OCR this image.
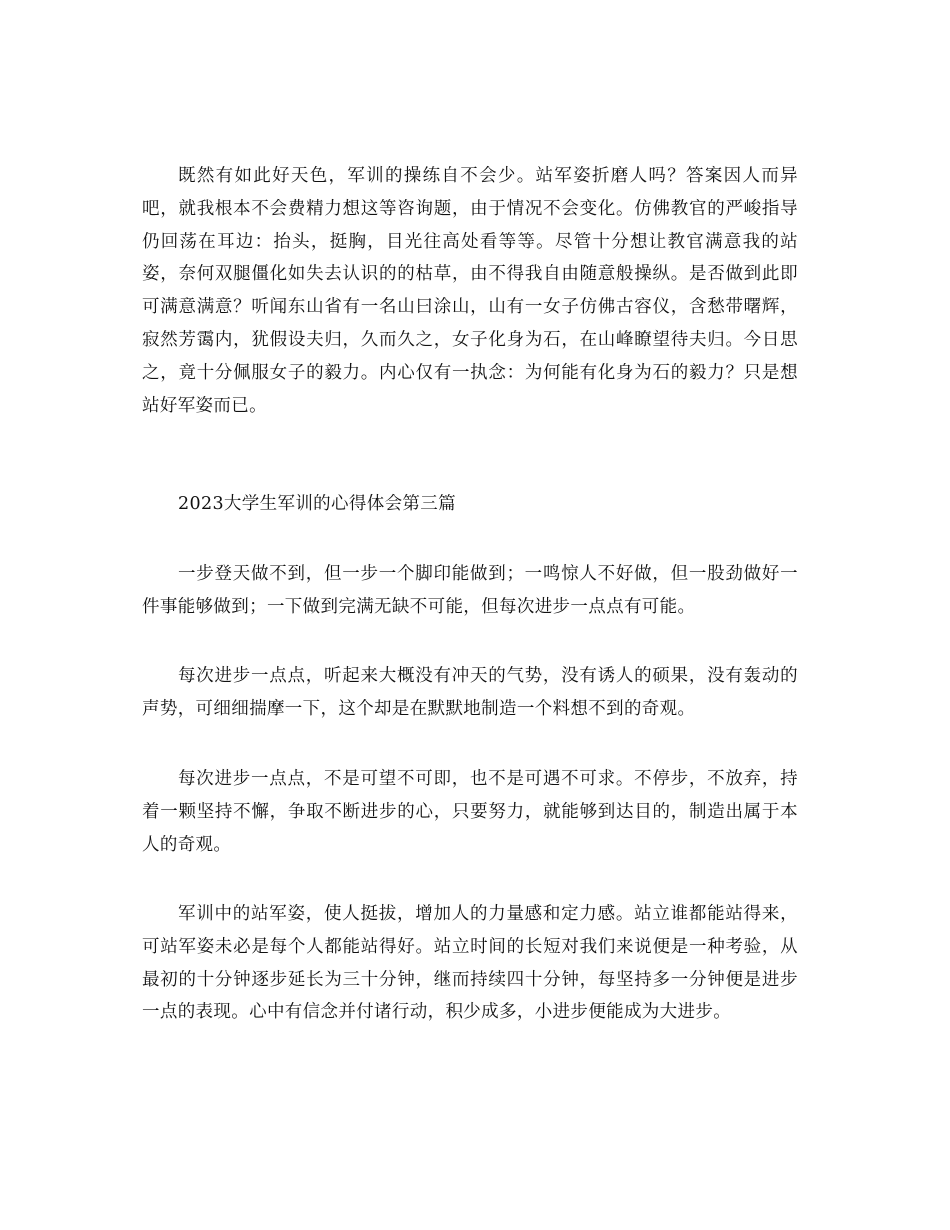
既然有如此好天色，军训的操练自不会少。站军姿折磨人吗？答案因人而异吧，就我根本不会费精力想这等咨询题，由于情况不会变化。仿佛教官的严峻指导仍回荡在耳边：抬头，挺胸，目光往高处看等等。尽管十分想让教官满意我的站姿，奈何双腿僵化如失去认识的的枯草，由不得我自由随意般操纵。是否做到此即可满意满意？听闻东山省有一名山曰涂山，山有一女子仿佛古容仪，含愁带曙辉，寂然芳霭内，犹假设夫归，久而久之，女子化身为石，在山峰瞭望待夫归。今日思之，竟十分佩服女子的毅力。内心仅有一执念：为何能有化身为石的毅力？只是想站好军姿而已。

2023大学生军训的心得体会第三篇

一步登天做不到，但一步一个脚印能做到；一鸣惊人不好做，但一股劲做好一件事能够做到；一下做到完满无缺不可能，但每次进步一点点有可能。

每次进步一点点，听起来大概没有冲天的气势，没有诱人的硕果，没有轰动的声势，可细细揣摩一下，这个却是在默默地制造一个料想不到的奇观。

每次进步一点点，不是可望不可即，也不是可遇不可求。不停步，不放弃，持着一颗坚持不懈，争取不断进步的心，只要努力，就能够到达目的，制造出属于本人的奇观。

军训中的站军姿，使人挺拔，增加人的力量感和定力感。站立谁都能站得来，可站军姿未必是每个人都能站得好。站立时间的长短对我们来说便是一种考验，从最初的十分钟逐步延长为三十分钟，继而持续四十分钟，每坚持多一分钟便是进步一点的表现。心中有信念并付诸行动，积少成多，小进步便能成为大进步。
